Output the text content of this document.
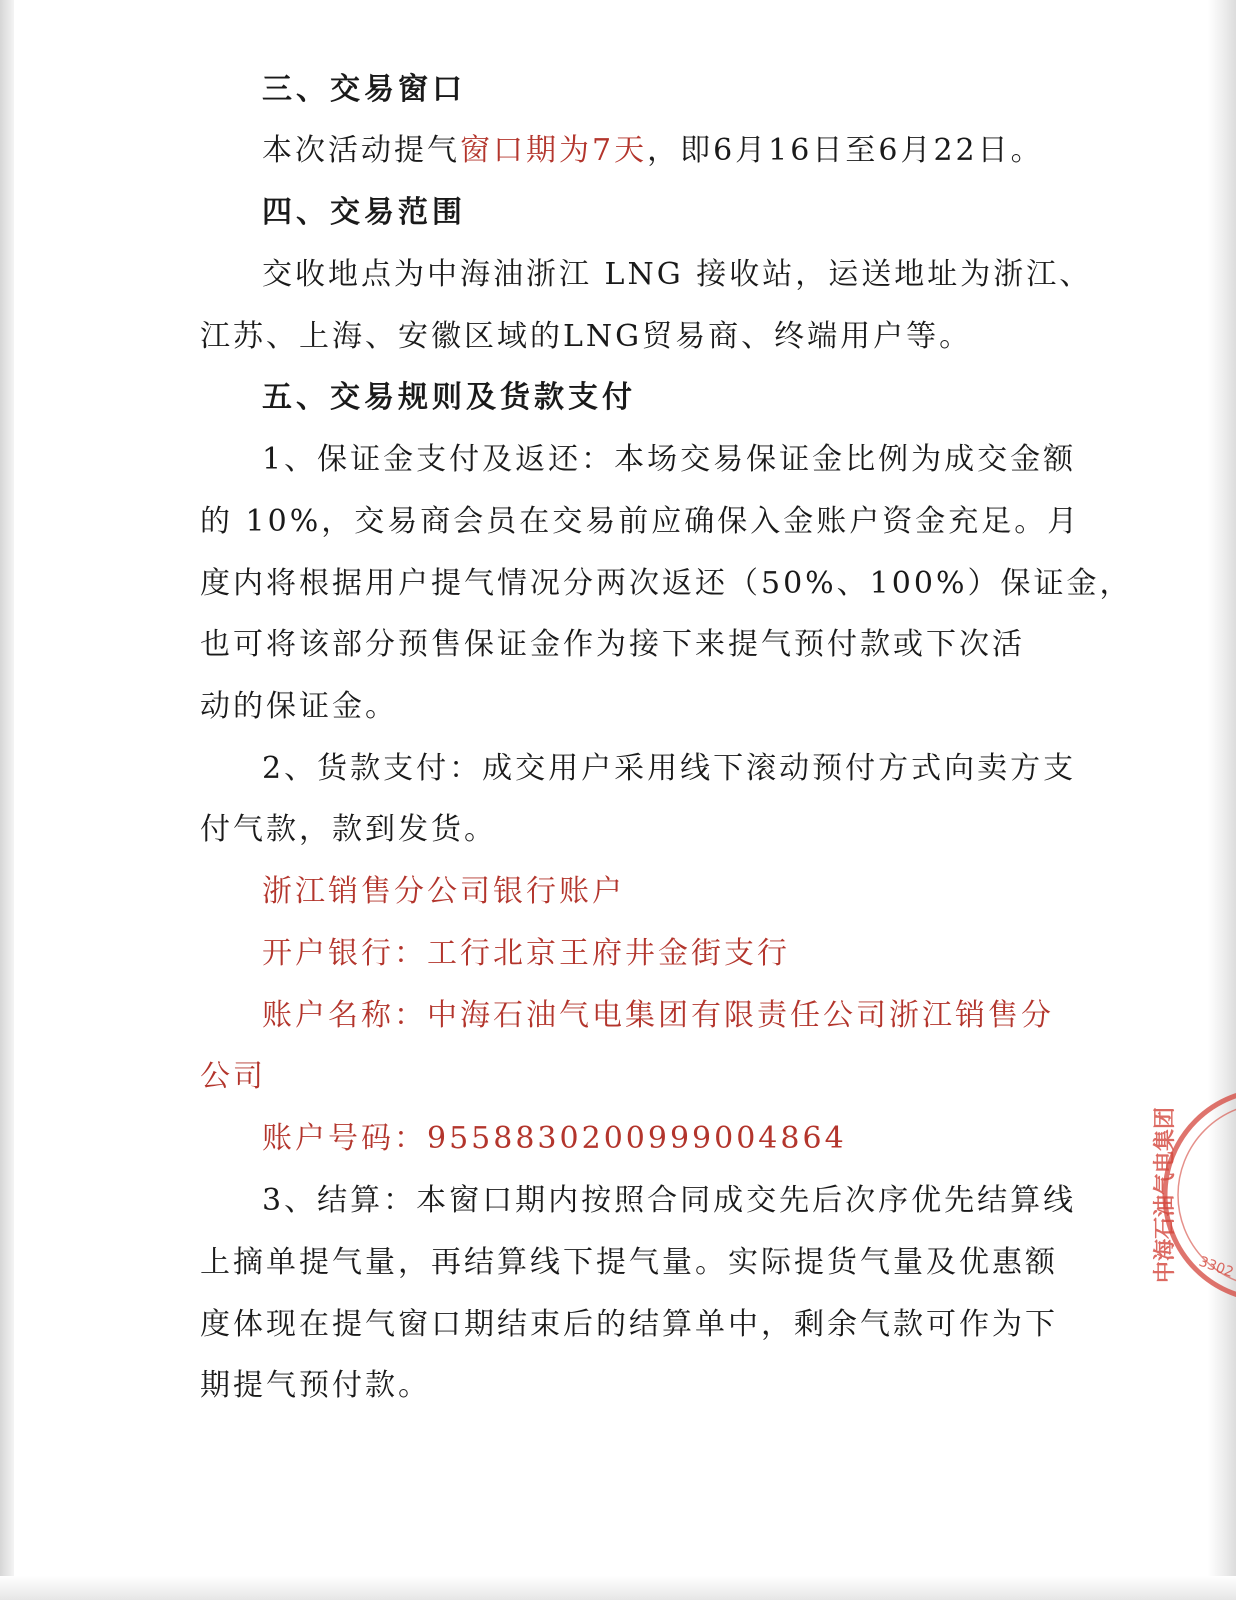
三、交易窗口
本次活动提气窗口期为7天，即6月16日至6月22日。
四、交易范围
交收地点为中海油浙江 LNG 接收站，运送地址为浙江、
江苏、上海、安徽区域的LNG贸易商、终端用户等。
五、交易规则及货款支付
1、保证金支付及返还：本场交易保证金比例为成交金额
的 10%，交易商会员在交易前应确保入金账户资金充足。月
度内将根据用户提气情况分两次返还（50%、100%）保证金，
也可将该部分预售保证金作为接下来提气预付款或下次活
动的保证金。
2、货款支付：成交用户采用线下滚动预付方式向卖方支
付气款，款到发货。
浙江销售分公司银行账户
开户银行：工行北京王府井金街支行
账户名称：中海石油气电集团有限责任公司浙江销售分
公司
账户号码：9558830200999004864
3、结算：本窗口期内按照合同成交先后次序优先结算线
上摘单提气量，再结算线下提气量。实际提货气量及优惠额
度体现在提气窗口期结束后的结算单中，剩余气款可作为下
期提气预付款。
中海石油气电集团 3302
